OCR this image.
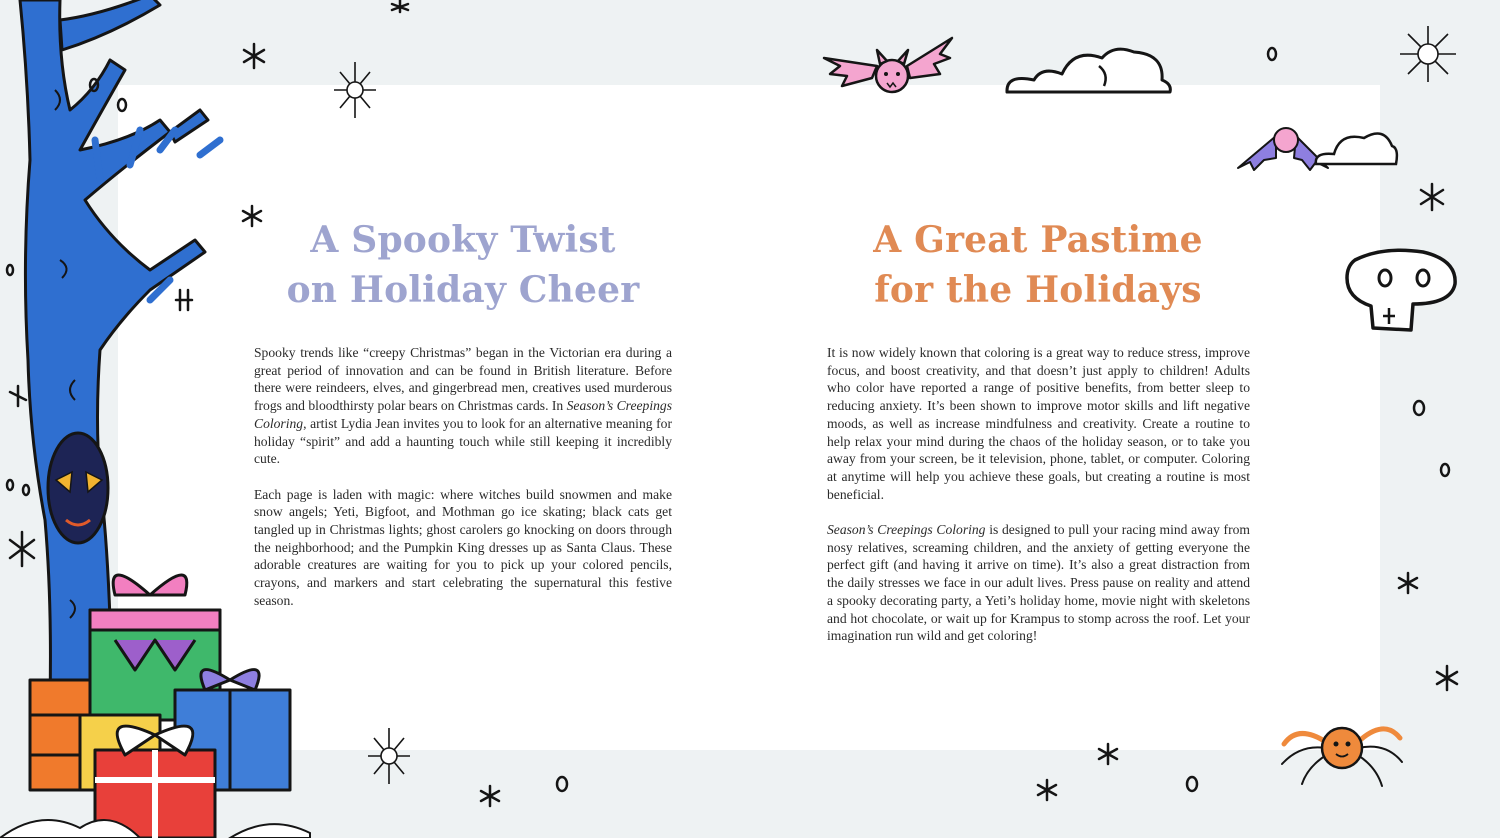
A Spooky Twist
on Holiday Cheer
A Great Pastime
for the Holidays

Spooky trends like “creepy Christmas” began in the Victorian era during a great period of innovation and can be found in British literature. Before there were reindeers, elves, and gingerbread men, creatives used murderous frogs and bloodthirsty polar bears on Christmas cards. In Season’s Creepings Coloring, artist Lydia Jean invites you to look for an alternative meaning for holiday “spirit” and add a haunting touch while still keeping it incredibly cute.

Each page is laden with magic: where witches build snowmen and make snow angels; Yeti, Bigfoot, and Mothman go ice skating; black cats get tangled up in Christmas lights; ghost carolers go knocking on doors through the neighborhood; and the Pumpkin King dresses up as Santa Claus. These adorable creatures are waiting for you to pick up your colored pencils, crayons, and markers and start celebrating the supernatural this festive season.

It is now widely known that coloring is a great way to reduce stress, improve focus, and boost creativity, and that doesn’t just apply to children! Adults who color have reported a range of positive benefits, from better sleep to reducing anxiety. It’s been shown to improve motor skills and lift negative moods, as well as increase mindfulness and creativity. Create a routine to help relax your mind during the chaos of the holiday season, or to take you away from your screen, be it television, phone, tablet, or computer. Coloring at anytime will help you achieve these goals, but creating a routine is most beneficial.

Season’s Creepings Coloring is designed to pull your racing mind away from nosy relatives, screaming children, and the anxiety of getting everyone the perfect gift (and having it arrive on time). It’s also a great distraction from the daily stresses we face in our adult lives. Press pause on reality and attend a spooky decorating party, a Yeti’s holiday home, movie night with skeletons and hot chocolate, or wait up for Krampus to stomp across the roof. Let your imagination run wild and get coloring!
